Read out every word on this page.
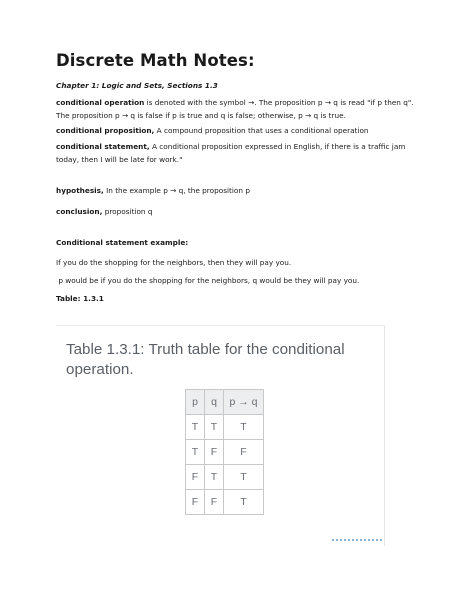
Discrete Math Notes:
Chapter 1: Logic and Sets, Sections 1.3
conditional operation is denoted with the symbol →. The proposition p → q is read "if p then q". The proposition p → q is false if p is true and q is false; otherwise, p → q is true.
conditional proposition, A compound proposition that uses a conditional operation
conditional statement, A conditional proposition expressed in English, if there is a traffic jam today, then I will be late for work."
hypothesis, In the example p → q, the proposition p
conclusion, proposition q
Conditional statement example:
If you do the shopping for the neighbors, then they will pay you.
p would be if you do the shopping for the neighbors, q would be they will pay you.
Table: 1.3.1
Table 1.3.1: Truth table for the conditional operation.
p	q	p → q
T	T	T
T	F	F
F	T	T
F	F	T
